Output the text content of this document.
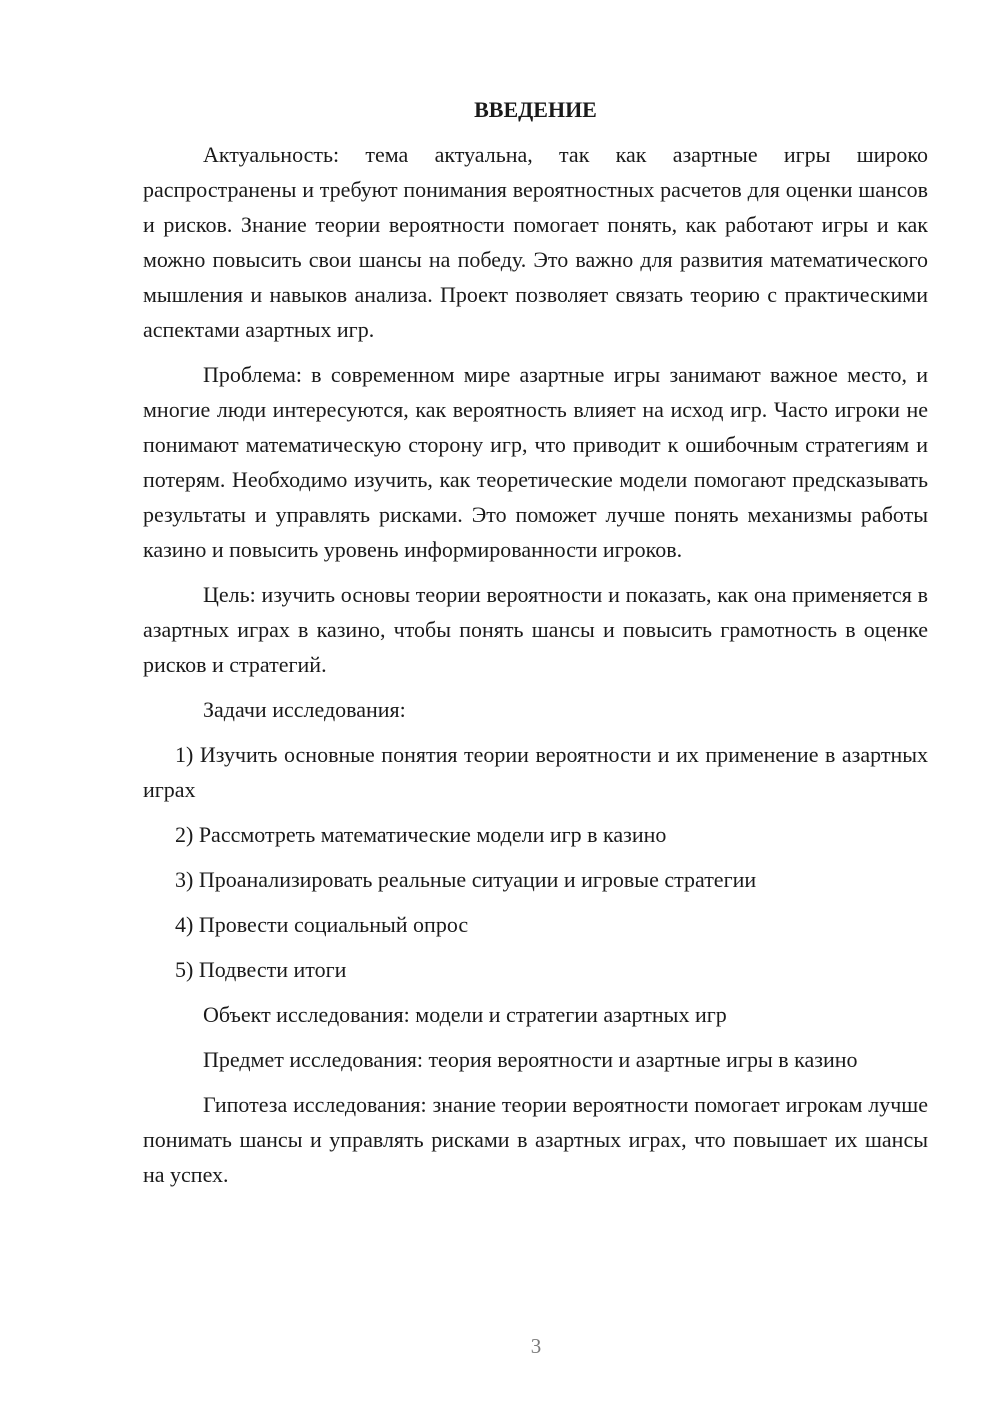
ВВЕДЕНИЕ

Актуальность: тема актуальна, так как азартные игры широко распространены и требуют понимания вероятностных расчетов для оценки шансов и рисков. Знание теории вероятности помогает понять, как работают игры и как можно повысить свои шансы на победу. Это важно для развития математического мышления и навыков анализа. Проект позволяет связать теорию с практическими аспектами азартных игр.

Проблема: в современном мире азартные игры занимают важное место, и многие люди интересуются, как вероятность влияет на исход игр. Часто игроки не понимают математическую сторону игр, что приводит к ошибочным стратегиям и потерям. Необходимо изучить, как теоретические модели помогают предсказывать результаты и управлять рисками. Это поможет лучше понять механизмы работы казино и повысить уровень информированности игроков.

Цель: изучить основы теории вероятности и показать, как она применяется в азартных играх в казино, чтобы понять шансы и повысить грамотность в оценке рисков и стратегий.

Задачи исследования:

1) Изучить основные понятия теории вероятности и их применение в азартных играх

2) Рассмотреть математические модели игр в казино

3) Проанализировать реальные ситуации и игровые стратегии

4) Провести социальный опрос

5) Подвести итоги

Объект исследования: модели и стратегии азартных игр

Предмет исследования: теория вероятности и азартные игры в казино

Гипотеза исследования: знание теории вероятности помогает игрокам лучше понимать шансы и управлять рисками в азартных играх, что повышает их шансы на успех.

3
